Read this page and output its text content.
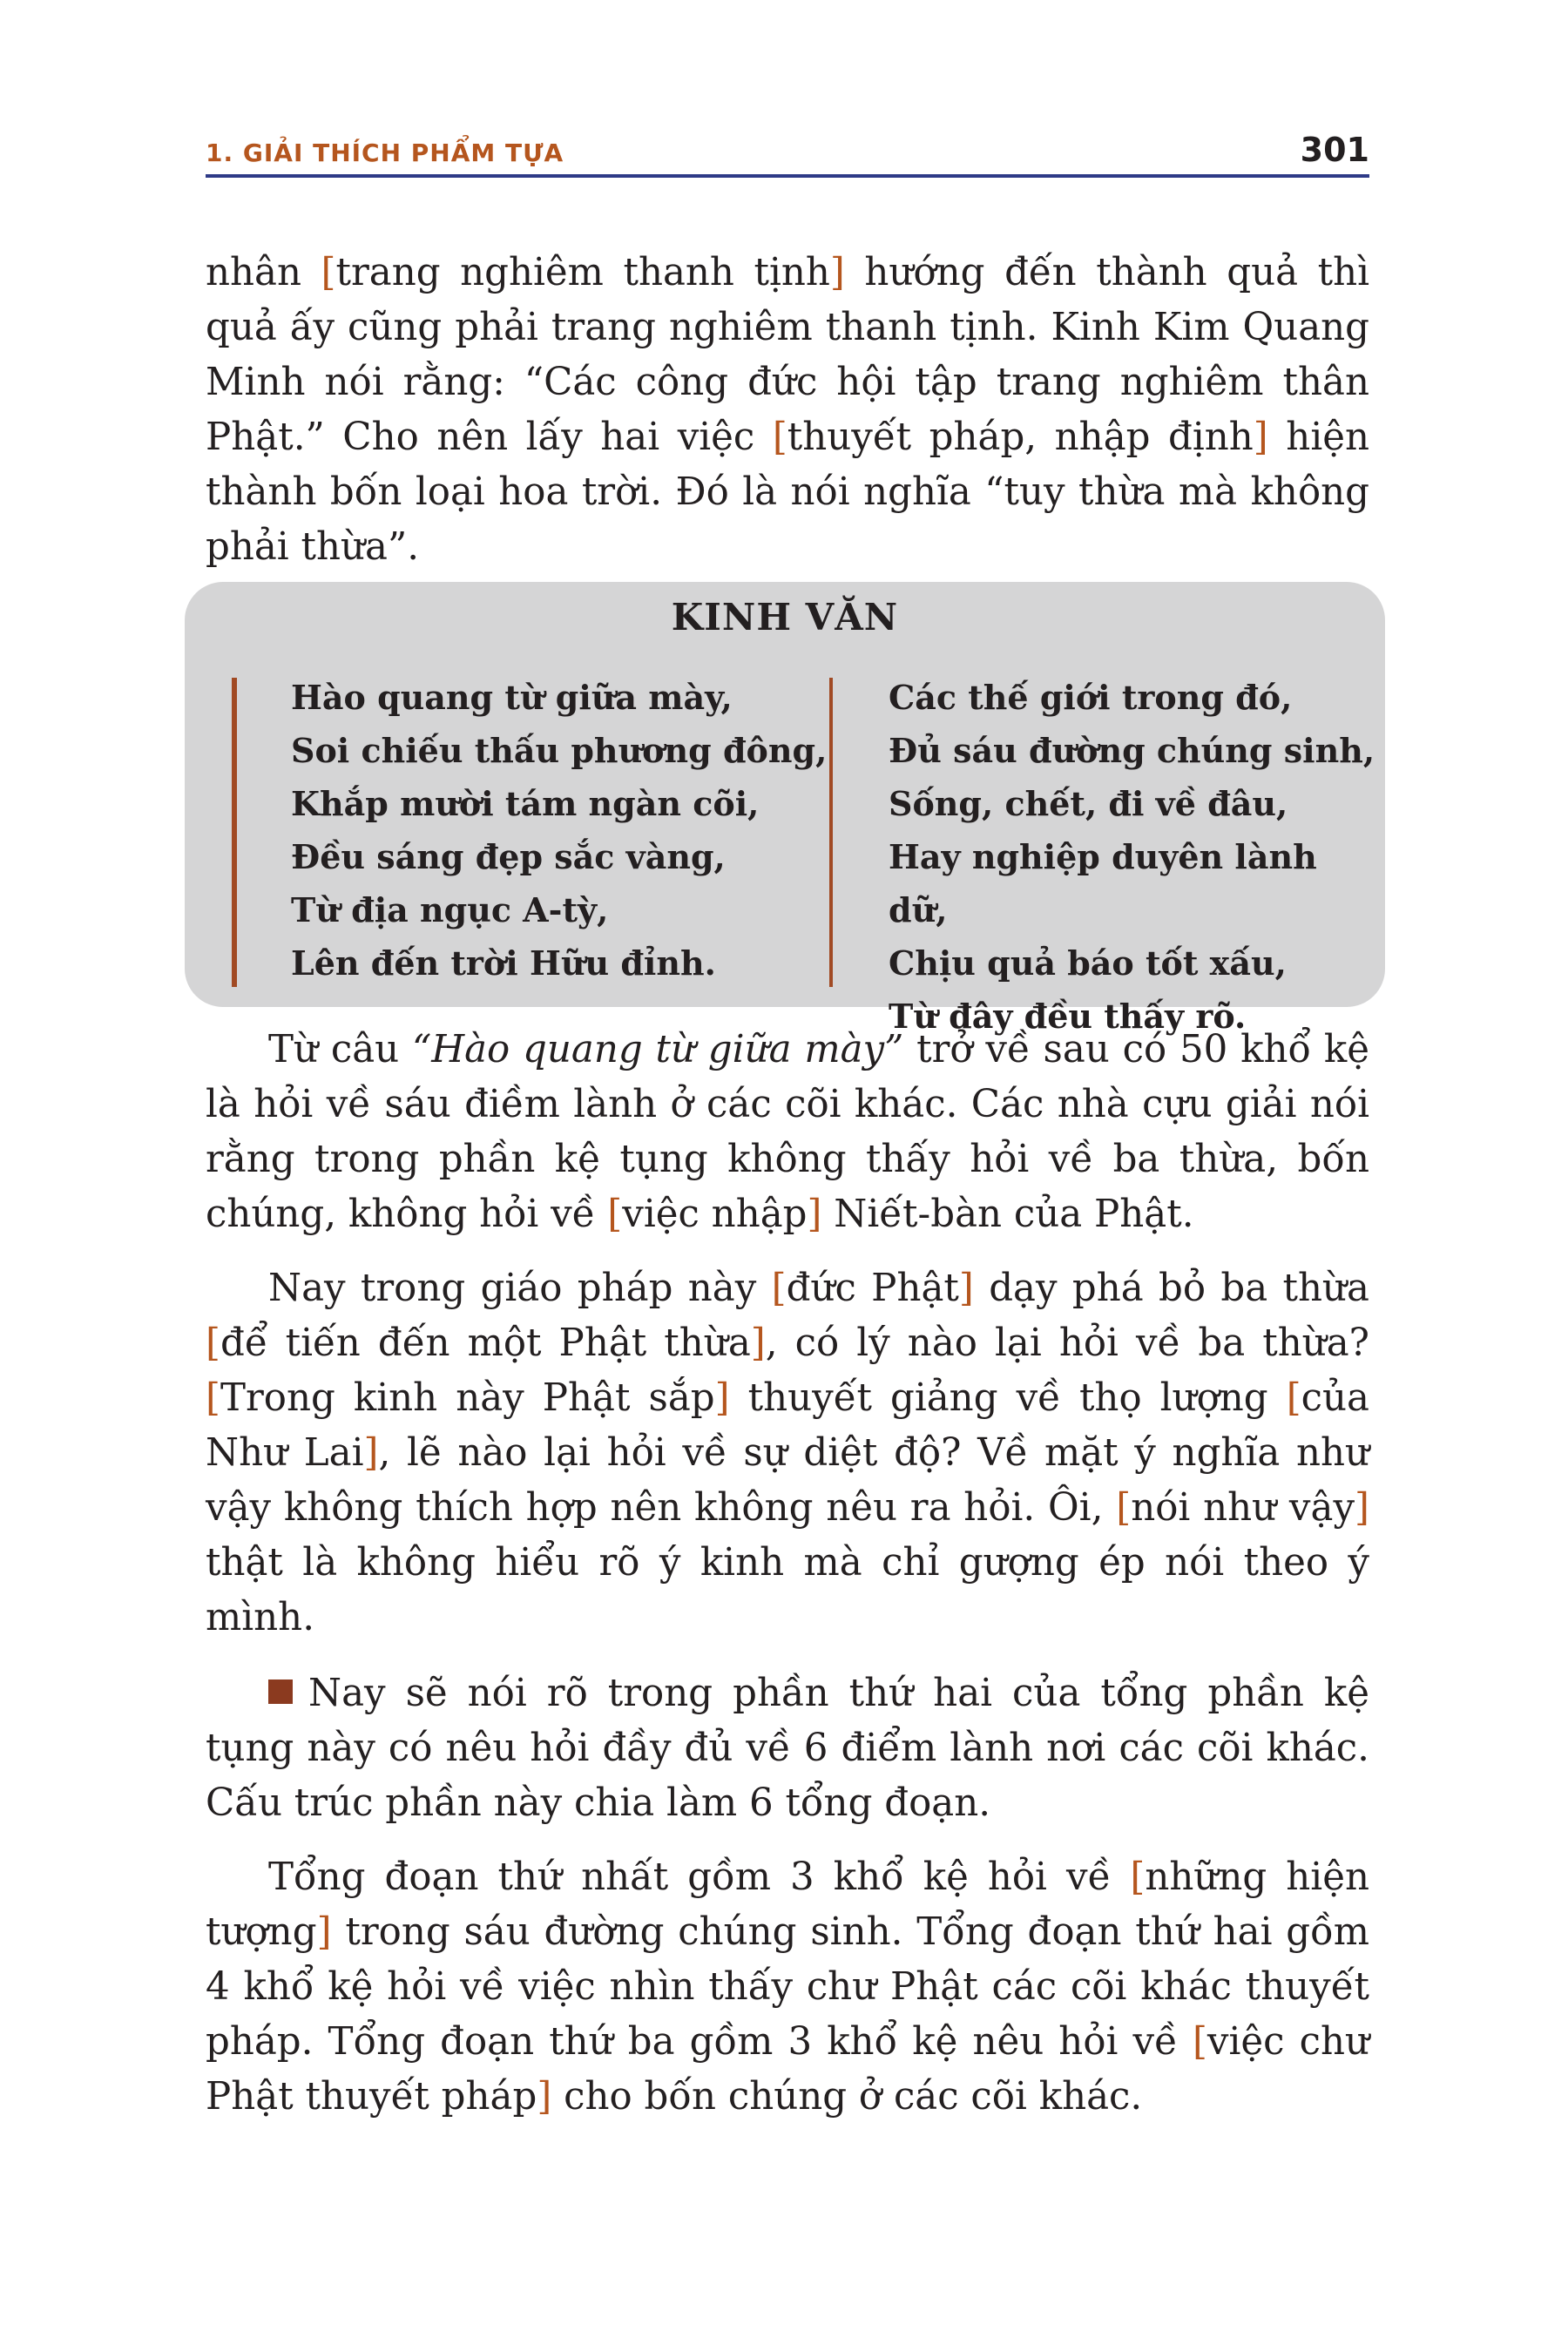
1. GIẢI THÍCH PHẨM TỰA	301

nhân [trang nghiêm thanh tịnh] hướng đến thành quả thì quả ấy cũng phải trang nghiêm thanh tịnh. Kinh Kim Quang Minh nói rằng: “Các công đức hội tập trang nghiêm thân Phật.” Cho nên lấy hai việc [thuyết pháp, nhập định] hiện thành bốn loại hoa trời. Đó là nói nghĩa “tuy thừa mà không phải thừa”.

KINH VĂN
Hào quang từ giữa mày,
Soi chiếu thấu phương đông,
Khắp mười tám ngàn cõi,
Đều sáng đẹp sắc vàng,
Từ địa ngục A-tỳ,
Lên đến trời Hữu đỉnh.
Các thế giới trong đó,
Đủ sáu đường chúng sinh,
Sống, chết, đi về đâu,
Hay nghiệp duyên lành dữ,
Chịu quả báo tốt xấu,
Từ đây đều thấy rõ.

Từ câu “Hào quang từ giữa mày” trở về sau có 50 khổ kệ là hỏi về sáu điềm lành ở các cõi khác. Các nhà cựu giải nói rằng trong phần kệ tụng không thấy hỏi về ba thừa, bốn chúng, không hỏi về [việc nhập] Niết-bàn của Phật.

Nay trong giáo pháp này [đức Phật] dạy phá bỏ ba thừa [để tiến đến một Phật thừa], có lý nào lại hỏi về ba thừa? [Trong kinh này Phật sắp] thuyết giảng về thọ lượng [của Như Lai], lẽ nào lại hỏi về sự diệt độ? Về mặt ý nghĩa như vậy không thích hợp nên không nêu ra hỏi. Ôi, [nói như vậy] thật là không hiểu rõ ý kinh mà chỉ gượng ép nói theo ý mình.

Nay sẽ nói rõ trong phần thứ hai của tổng phần kệ tụng này có nêu hỏi đầy đủ về 6 điểm lành nơi các cõi khác. Cấu trúc phần này chia làm 6 tổng đoạn.

Tổng đoạn thứ nhất gồm 3 khổ kệ hỏi về [những hiện tượng] trong sáu đường chúng sinh. Tổng đoạn thứ hai gồm 4 khổ kệ hỏi về việc nhìn thấy chư Phật các cõi khác thuyết pháp. Tổng đoạn thứ ba gồm 3 khổ kệ nêu hỏi về [việc chư Phật thuyết pháp] cho bốn chúng ở các cõi khác.
